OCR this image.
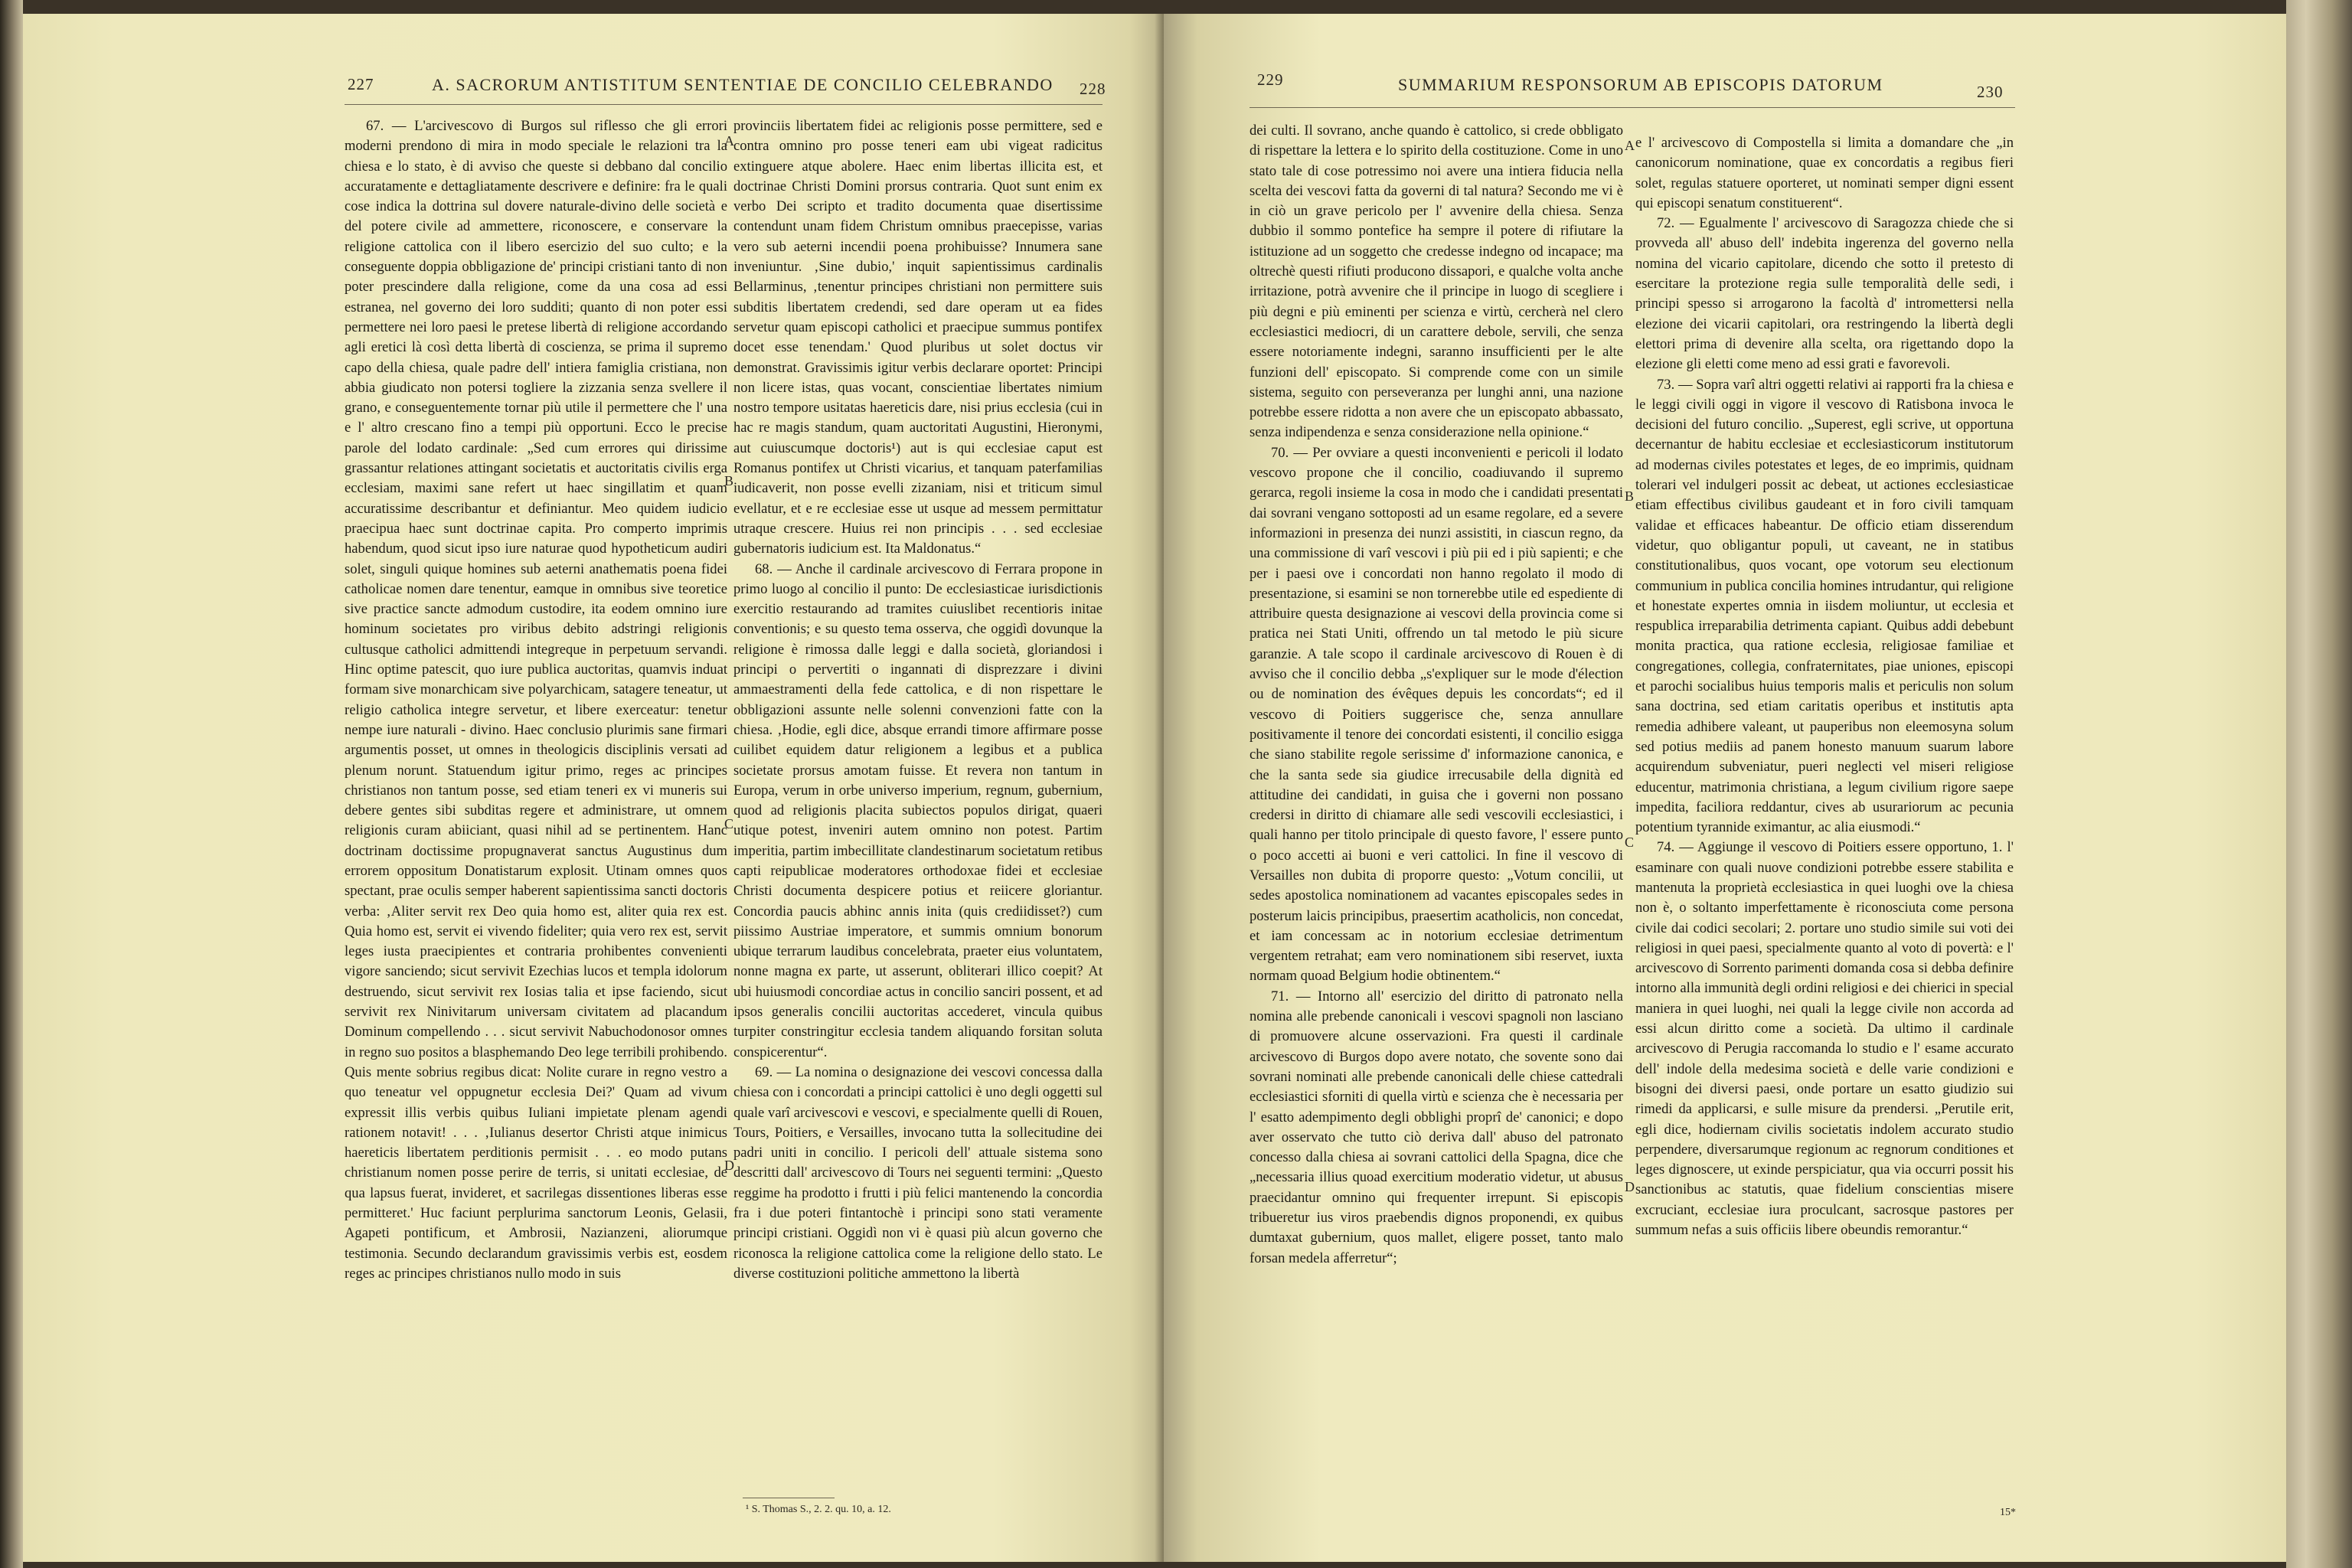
227	A. SACRORUM ANTISTITUM SENTENTIAE DE CONCILIO CELEBRANDO 228

67. — L'arcivescovo di Burgos sul riflesso che gli errori moderni prendono di mira in modo speciale le relazioni tra la chiesa e lo stato, è di avviso che queste si debbano dal concilio accuratamente e dettagliatamente descrivere e definire: fra le quali cose indica la dottrina sul dovere naturale-divino delle società e del potere civile ad ammettere, riconoscere, e conservare la religione cattolica con il libero esercizio del suo culto; e la conseguente doppia obbligazione de' principi cristiani tanto di non poter prescindere dalla religione, come da una cosa ad essi estranea, nel governo dei loro sudditi; quanto di non poter essi permettere nei loro paesi le pretese libertà di religione accordando agli eretici là così detta libertà di coscienza, se prima il supremo capo della chiesa, quale padre dell' intiera famiglia cristiana, non abbia giudicato non potersi togliere la zizzania senza svellere il grano, e conseguentemente tornar più utile il permettere che l' una e l' altro crescano fino a tempi più opportuni. Ecco le precise parole del lodato cardinale: „Sed cum errores qui dirissime grassantur relationes attingant societatis et auctoritatis civilis erga ecclesiam, maximi sane refert ut haec singillatim et quam accuratissime describantur et definiantur. Meo quidem iudicio praecipua haec sunt doctrinae capita. Pro comperto imprimis habendum, quod sicut ipso iure naturae quod hypotheticum audiri solet, singuli quique homines sub aeterni anathematis poena fidei catholicae nomen dare tenentur, eamque in omnibus sive teoretice sive practice sancte admodum custodire, ita eodem omnino iure hominum societates pro viribus debito adstringi religionis cultusque catholici admittendi integreque in perpetuum servandi. Hinc optime patescit, quo iure publica auctoritas, quamvis induat formam sive monarchicam sive polyarchicam, satagere teneatur, ut religio catholica integre servetur, et libere exerceatur: tenetur nempe iure naturali - divino. Haec conclusio plurimis sane firmari argumentis posset, ut omnes in theologicis disciplinis versati ad plenum norunt. Statuendum igitur primo, reges ac principes christianos non tantum posse, sed etiam teneri ex vi muneris sui debere gentes sibi subditas regere et administrare, ut omnem religionis curam abiiciant, quasi nihil ad se pertinentem. Hanc doctrinam doctissime propugnaverat sanctus Augustinus dum errorem oppositum Donatistarum explosit. Utinam omnes quos spectant, prae oculis semper haberent sapientissima sancti doctoris verba: ‚Aliter servit rex Deo quia homo est, aliter quia rex est. Quia homo est, servit ei vivendo fideliter; quia vero rex est, servit leges iusta praecipientes et contraria prohibentes convenienti vigore sanciendo; sicut servivit Ezechias lucos et templa idolorum destruendo, sicut servivit rex Iosias talia et ipse faciendo, sicut servivit rex Ninivitarum universam civitatem ad placandum Dominum compellendo . . . sicut servivit Nabuchodonosor omnes in regno suo positos a blasphemando Deo lege terribili prohibendo. Quis mente sobrius regibus dicat: Nolite curare in regno vestro a quo teneatur vel oppugnetur ecclesia Dei?' Quam ad vivum expressit illis verbis quibus Iuliani impietate plenam agendi rationem notavit! . . . ‚Iulianus desertor Christi atque inimicus haereticis libertatem perditionis permisit . . . eo modo putans christianum nomen posse perire de terris, si unitati ecclesiae, de qua lapsus fuerat, invideret, et sacrilegas dissentiones liberas esse permitteret.' Huc faciunt perplurima sanctorum Leonis, Gelasii, Agapeti pontificum, et Ambrosii, Nazianzeni, aliorumque testimonia. Secundo declarandum gravissimis verbis est, eosdem reges ac principes christianos nullo modo in suis

provinciis libertatem fidei ac religionis posse permittere, sed e contra omnino pro posse teneri eam ubi vigeat radicitus extinguere atque abolere. Haec enim libertas illicita est, et doctrinae Christi Domini prorsus contraria. Quot sunt enim ex verbo Dei scripto et tradito documenta quae disertissime contendunt unam fidem Christum omnibus praecepisse, varias vero sub aeterni incendii poena prohibuisse? Innumera sane inveniuntur. ‚Sine dubio,' inquit sapientissimus cardinalis Bellarminus, ‚tenentur principes christiani non permittere suis subditis libertatem credendi, sed dare operam ut ea fides servetur quam episcopi catholici et praecipue summus pontifex docet esse tenendam.' Quod pluribus ut solet doctus vir demonstrat. Gravissimis igitur verbis declarare oportet: Principi non licere istas, quas vocant, conscientiae libertates nimium nostro tempore usitatas haereticis dare, nisi prius ecclesia (cui in hac re magis standum, quam auctoritati Augustini, Hieronymi, aut cuiuscumque doctoris¹) aut is qui ecclesiae caput est Romanus pontifex ut Christi vicarius, et tanquam paterfamilias iudicaverit, non posse evelli zizaniam, nisi et triticum simul evellatur, et e re ecclesiae esse ut usque ad messem permittatur utraque crescere. Huius rei non principis . . . sed ecclesiae gubernatoris iudicium est. Ita Maldonatus.“

68. — Anche il cardinale arcivescovo di Ferrara propone in primo luogo al concilio il punto: De ecclesiasticae iurisdictionis exercitio restaurando ad tramites cuiuslibet recentioris initae conventionis; e su questo tema osserva, che oggidì dovunque la religione è rimossa dalle leggi e dalla società, gloriandosi i principi o pervertiti o ingannati di disprezzare i divini ammaestramenti della fede cattolica, e di non rispettare le obbligazioni assunte nelle solenni convenzioni fatte con la chiesa. ‚Hodie, egli dice, absque errandi timore affirmare posse cuilibet equidem datur religionem a legibus et a publica societate prorsus amotam fuisse. Et revera non tantum in Europa, verum in orbe universo imperium, regnum, gubernium, quod ad religionis placita subiectos populos dirigat, quaeri utique potest, inveniri autem omnino non potest. Partim imperitia, partim imbecillitate clandestinarum societatum retibus capti reipublicae moderatores orthodoxae fidei et ecclesiae Christi documenta despicere potius et reiicere gloriantur. Concordia paucis abhinc annis inita (quis crediidisset?) cum piissimo Austriae imperatore, et summis omnium bonorum ubique terrarum laudibus concelebrata, praeter eius voluntatem, nonne magna ex parte, ut asserunt, obliterari illico coepit? At ubi huiusmodi concordiae actus in concilio sanciri possent, et ad ipsos generalis concilii auctoritas accederet, vincula quibus turpiter constringitur ecclesia tandem aliquando forsitan soluta conspicerentur“.

69. — La nomina o designazione dei vescovi concessa dalla chiesa con i concordati a principi cattolici è uno degli oggetti sul quale varî arcivescovi e vescovi, e specialmente quelli di Rouen, Tours, Poitiers, e Versailles, invocano tutta la sollecitudine dei padri uniti in concilio. I pericoli dell' attuale sistema sono descritti dall' arcivescovo di Tours nei seguenti termini: „Questo reggime ha prodotto i frutti i più felici mantenendo la concordia fra i due poteri fintantochè i principi sono stati veramente principi cristiani. Oggidì non vi è quasi più alcun governo che riconosca la religione cattolica come la religione dello stato. Le diverse costituzioni politiche ammettono la libertà

A
B
C
D
¹ S. Thomas S., 2. 2. qu. 10, a. 12.
229	SUMMARIUM RESPONSORUM AB EPISCOPIS DATORUM	230

dei culti. Il sovrano, anche quando è cattolico, si crede obbligato di rispettare la lettera e lo spirito della costituzione. Come in uno stato tale di cose potressimo noi avere una intiera fiducia nella scelta dei vescovi fatta da governi di tal natura? Secondo me vi è in ciò un grave pericolo per l' avvenire della chiesa. Senza dubbio il sommo pontefice ha sempre il potere di rifiutare la istituzione ad un soggetto che credesse indegno od incapace; ma oltrechè questi rifiuti producono dissapori, e qualche volta anche irritazione, potrà avvenire che il principe in luogo di scegliere i più degni e più eminenti per scienza e virtù, cercherà nel clero ecclesiastici mediocri, di un carattere debole, servili, che senza essere notoriamente indegni, saranno insufficienti per le alte funzioni dell' episcopato. Si comprende come con un simile sistema, seguito con perseveranza per lunghi anni, una nazione potrebbe essere ridotta a non avere che un episcopato abbassato, senza indipendenza e senza considerazione nella opinione.“

70. — Per ovviare a questi inconvenienti e pericoli il lodato vescovo propone che il concilio, coadiuvando il supremo gerarca, regoli insieme la cosa in modo che i candidati presentati dai sovrani vengano sottoposti ad un esame regolare, ed a severe informazioni in presenza dei nunzi assistiti, in ciascun regno, da una commissione di varî vescovi i più pii ed i più sapienti; e che per i paesi ove i concordati non hanno regolato il modo di presentazione, si esamini se non tornerebbe utile ed espediente di attribuire questa designazione ai vescovi della provincia come si pratica nei Stati Uniti, offrendo un tal metodo le più sicure garanzie. A tale scopo il cardinale arcivescovo di Rouen è di avviso che il concilio debba „s'expliquer sur le mode d'élection ou de nomination des évêques depuis les concordats“; ed il vescovo di Poitiers suggerisce che, senza annullare positivamente il tenore dei concordati esistenti, il concilio esigga che siano stabilite regole serissime d' informazione canonica, e che la santa sede sia giudice irrecusabile della dignità ed attitudine dei candidati, in guisa che i governi non possano credersi in diritto di chiamare alle sedi vescovili ecclesiastici, i quali hanno per titolo principale di questo favore, l' essere punto o poco accetti ai buoni e veri cattolici. In fine il vescovo di Versailles non dubita di proporre questo: „Votum concilii, ut sedes apostolica nominationem ad vacantes episcopales sedes in posterum laicis principibus, praesertim acatholicis, non concedat, et iam concessam ac in notorium ecclesiae detrimentum vergentem retrahat; eam vero nominationem sibi reservet, iuxta normam quoad Belgium hodie obtinentem.“

71. — Intorno all' esercizio del diritto di patronato nella nomina alle prebende canonicali i vescovi spagnoli non lasciano di promuovere alcune osservazioni. Fra questi il cardinale arcivescovo di Burgos dopo avere notato, che sovente sono dai sovrani nominati alle prebende canonicali delle chiese cattedrali ecclesiastici sforniti di quella virtù e scienza che è necessaria per l' esatto adempimento degli obblighi proprî de' canonici; e dopo aver osservato che tutto ciò deriva dall' abuso del patronato concesso dalla chiesa ai sovrani cattolici della Spagna, dice che „necessaria illius quoad exercitium moderatio videtur, ut abusus praecidantur omnino qui frequenter irrepunt. Si episcopis tribueretur ius viros praebendis dignos proponendi, ex quibus dumtaxat gubernium, quos mallet, eligere posset, tanto malo forsan medela afferretur“;

e l' arcivescovo di Compostella si limita a domandare che „in canonicorum nominatione, quae ex concordatis a regibus fieri solet, regulas statuere oporteret, ut nominati semper digni essent qui episcopi senatum constituerent“.

72. — Egualmente l' arcivescovo di Saragozza chiede che si provveda all' abuso dell' indebita ingerenza del governo nella nomina del vicario capitolare, dicendo che sotto il pretesto di esercitare la protezione regia sulle temporalità delle sedi, i principi spesso si arrogarono la facoltà d' intromettersi nella elezione dei vicarii capitolari, ora restringendo la libertà degli elettori prima di devenire alla scelta, ora rigettando dopo la elezione gli eletti come meno ad essi grati e favorevoli.

73. — Sopra varî altri oggetti relativi ai rapporti fra la chiesa e le leggi civili oggi in vigore il vescovo di Ratisbona invoca le decisioni del futuro concilio. „Superest, egli scrive, ut opportuna decernantur de habitu ecclesiae et ecclesiasticorum institutorum ad modernas civiles potestates et leges, de eo imprimis, quidnam tolerari vel indulgeri possit ac debeat, ut actiones ecclesiasticae etiam effectibus civilibus gaudeant et in foro civili tamquam validae et efficaces habeantur. De officio etiam disserendum videtur, quo obligantur populi, ut caveant, ne in statibus constitutionalibus, quos vocant, ope votorum seu electionum communium in publica concilia homines intrudantur, qui religione et honestate expertes omnia in iisdem moliuntur, ut ecclesia et respublica irreparabilia detrimenta capiant. Quibus addi debebunt monita practica, qua ratione ecclesia, religiosae familiae et congregationes, collegia, confraternitates, piae uniones, episcopi et parochi socialibus huius temporis malis et periculis non solum sana doctrina, sed etiam caritatis operibus et institutis apta remedia adhibere valeant, ut pauperibus non eleemosyna solum sed potius mediis ad panem honesto manuum suarum labore acquirendum subveniatur, pueri neglecti vel miseri religiose educentur, matrimonia christiana, a legum civilium rigore saepe impedita, faciliora reddantur, cives ab usurariorum ac pecunia potentium tyrannide eximantur, ac alia eiusmodi.“

74. — Aggiunge il vescovo di Poitiers essere opportuno, 1. l' esaminare con quali nuove condizioni potrebbe essere stabilita e mantenuta la proprietà ecclesiastica in quei luoghi ove la chiesa non è, o soltanto imperfettamente è riconosciuta come persona civile dai codici secolari; 2. portare uno studio simile sui voti dei religiosi in quei paesi, specialmente quanto al voto di povertà: e l' arcivescovo di Sorrento parimenti domanda cosa si debba definire intorno alla immunità degli ordini religiosi e dei chierici in special maniera in quei luoghi, nei quali la legge civile non accorda ad essi alcun diritto come a società. Da ultimo il cardinale arcivescovo di Perugia raccomanda lo studio e l' esame accurato dell' indole della medesima società e delle varie condizioni e bisogni dei diversi paesi, onde portare un esatto giudizio sui rimedi da applicarsi, e sulle misure da prendersi. „Perutile erit, egli dice, hodiernam civilis societatis indolem accurato studio perpendere, diversarumque regionum ac regnorum conditiones et leges dignoscere, ut exinde perspiciatur, qua via occurri possit his sanctionibus ac statutis, quae fidelium conscientias misere excruciant, ecclesiae iura proculcant, sacrosque pastores per summum nefas a suis officiis libere obeundis remorantur.“

A
B
C
D
15*
